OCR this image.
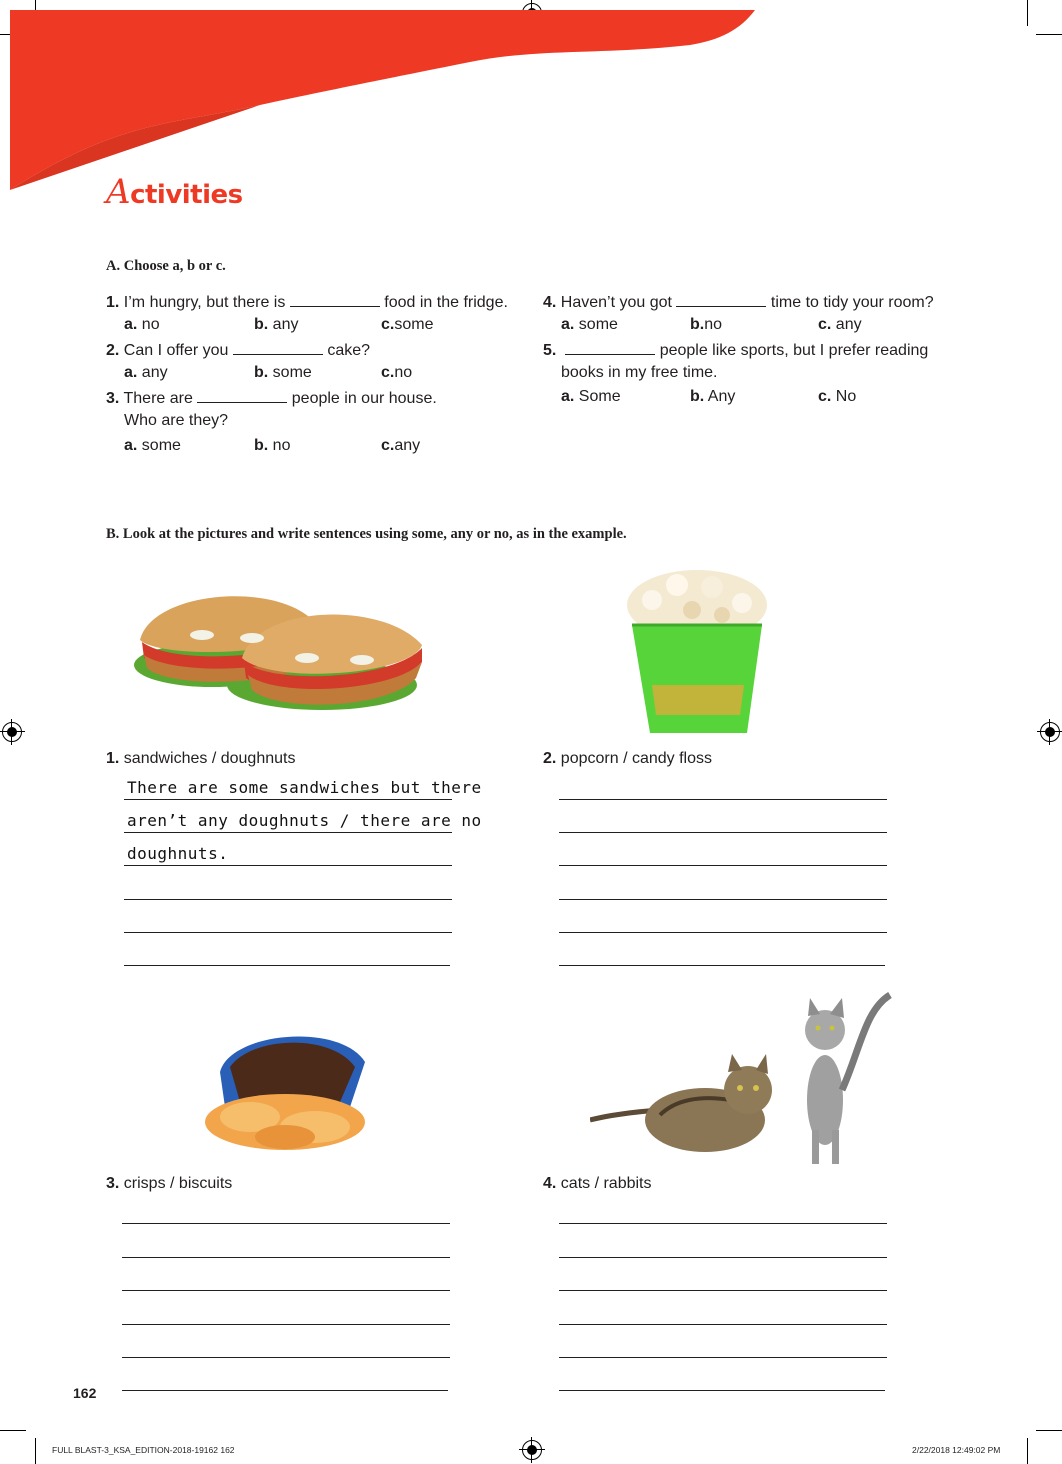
Activities
A. Choose a, b or c.
1. I’m hungry, but there is	food in the fridge.
a. no	b. any	c.some
2. Can I offer you	cake?
a. any	b. some	c.no
3. There are	people in our house.
Who are they?
a. some	b. no	c.any
4. Haven’t you got	time to tidy your room?
a. some	b.no	c. any
5.	people like sports, but I prefer reading
books in my free time.
a. Some	b. Any	c. No
B. Look at the pictures and write sentences using some, any or no, as in the example.
1. sandwiches / doughnuts
There are some sandwiches but there
aren’t any doughnuts / there are no
doughnuts.
2. popcorn / candy floss
3. crisps / biscuits	4. cats / rabbits
162
FULL BLAST-3_KSA_EDITION-2018-19162 162	2/22/2018 12:49:02 PM
